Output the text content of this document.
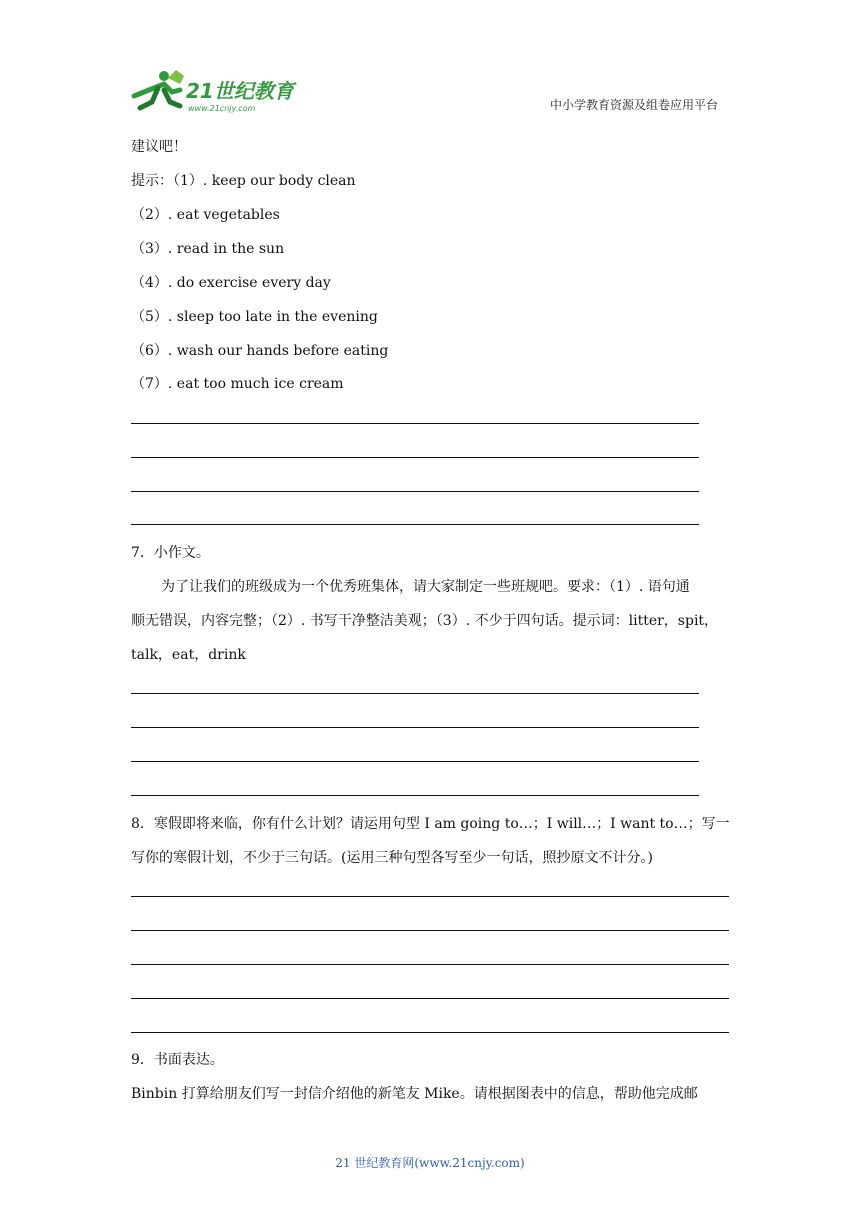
21世纪教育
www.21cnjy.com	中小学教育资源及组卷应用平台
建议吧！
提示：（1）. keep our body clean
（2）. eat vegetables
（3）. read in the sun
（4）. do exercise every day
（5）. sleep too late in the evening
（6）. wash our hands before eating
（7）. eat too much ice cream
7．小作文。
为了让我们的班级成为一个优秀班集体，请大家制定一些班规吧。要求：（1）. 语句通
顺无错误，内容完整；（2）. 书写干净整洁美观；（3）. 不少于四句话。提示词：litter，spit，
talk，eat，drink
8．寒假即将来临，你有什么计划？请运用句型 I am going to…；I will…；I want to…；写一
写你的寒假计划，不少于三句话。(运用三种句型各写至少一句话，照抄原文不计分。)
9．书面表达。
Binbin 打算给朋友们写一封信介绍他的新笔友 Mike。请根据图表中的信息，帮助他完成邮
21 世纪教育网(www.21cnjy.com)
